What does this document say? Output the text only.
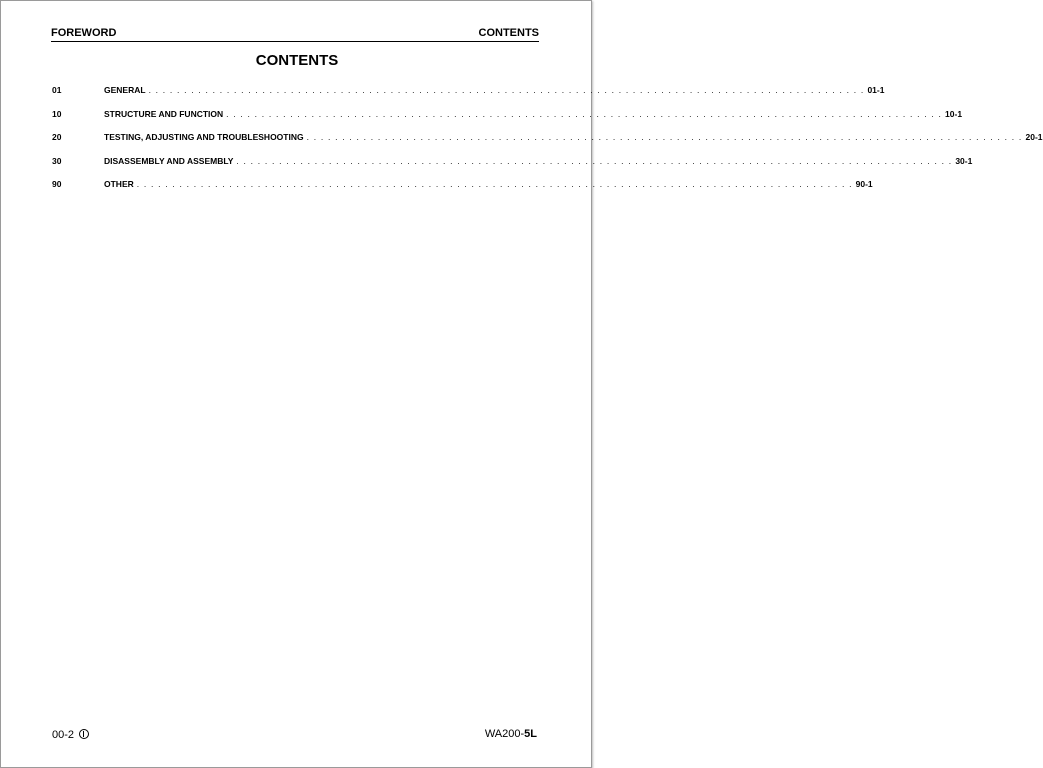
FOREWORD	CONTENTS
CONTENTS
01	GENERAL . . . . . . . . . . . . . . . . . . . . . . . . . . . . . . . . . . . . . . . . . . . . . . . . . . . . . . . . . . . . . . . . . . . . . . . . . . . . . . . . . . . . . . . . . . . . . . . . . . . . . 01-1
10	STRUCTURE AND FUNCTION . . . . . . . . . . . . . . . . . . . . . . . . . . . . . . . . . . . . . . . . . . . . . . . . . . . . . . . . . . . . . . . . . . . . . . . . . . . . . . . . . . . . . . . . . . . . . . . . . . . . . 10-1
20	TESTING, ADJUSTING AND TROUBLESHOOTING . . . . . . . . . . . . . . . . . . . . . . . . . . . . . . . . . . . . . . . . . . . . . . . . . . . . . . . . . . . . . . . . . . . . . . . . . . . . . . . . . . . . . . . . . . . . . . . . . . . . . 20-1
30	DISASSEMBLY AND ASSEMBLY . . . . . . . . . . . . . . . . . . . . . . . . . . . . . . . . . . . . . . . . . . . . . . . . . . . . . . . . . . . . . . . . . . . . . . . . . . . . . . . . . . . . . . . . . . . . . . . . . . . . . 30-1
90	OTHER . . . . . . . . . . . . . . . . . . . . . . . . . . . . . . . . . . . . . . . . . . . . . . . . . . . . . . . . . . . . . . . . . . . . . . . . . . . . . . . . . . . . . . . . . . . . . . . . . . . . . 90-1
00-2	WA200-5L
